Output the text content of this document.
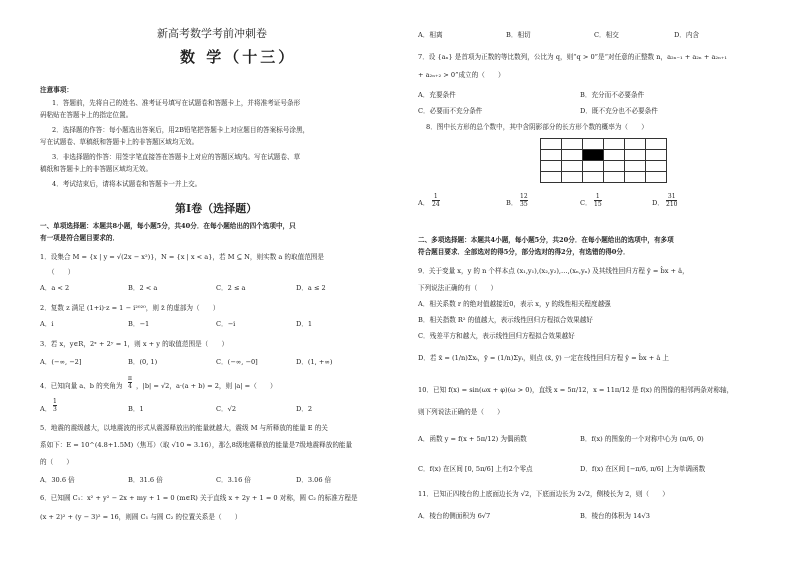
新高考数学考前冲刺卷
数 学（十三）
注意事项：
1．答题前，先将自己的姓名、准考证号填写在试题卷和答题卡上，并将准考证号条形
码粘贴在答题卡上的指定位置。
2．选择题的作答：每小题选出答案后，用2B铅笔把答题卡上对应题目的答案标号涂黑，
写在试题卷、草稿纸和答题卡上的非答题区域均无效。
3．非选择题的作答：用签字笔直接答在答题卡上对应的答题区域内。写在试题卷、草
稿纸和答题卡上的非答题区域均无效。
4．考试结束后，请将本试题卷和答题卡一并上交。
第Ⅰ卷（选择题）
一、单项选择题：本题共8小题，每小题5分，共40分．在每小题给出的四个选项中，只
有一项是符合题目要求的．
1．设集合 M = {x | y = √(2x − x²)}，N = {x | x < a}，若 M ⊆ N，则实数 a 的取值范围是
（　　）
A．a < 2	B．2 < a	C．2 ≤ a	D．a ≤ 2
2．复数 z 满足 (1+i)·z = 1 − i²⁰²⁰，则 z̄ 的虚部为（　　）
A．i	B．−1	C．−i	D．1
3．若 x，y∈R，2ˣ + 2ʸ = 1，则 x + y 的取值范围是（　　）
A．(−∞, −2]	B．(0, 1)	C．(−∞, −0]	D．(1, +∞)
4．已知向量 a、b 的夹角为
π
4 ，|b| = √2，a·(a + b) = 2，则 |a| =（　　）
A．
1
3	B．1	C．√2	D．2
5．地震的震级越大，以地震波的形式从震源释放出的能量就越大，震级 M 与所释放的能量 E 的关
系如下：E = 10^(4.8+1.5M)（焦耳）（取 √10 ≈ 3.16），那么8级地震释放的能量是7级地震释放的能量
的（　　）
A．30.6 倍	B．31.6 倍	C．3.16 倍	D．3.06 倍
6．已知圆 C₁：x² + y² − 2x + my + 1 = 0 (m∈R) 关于直线 x + 2y + 1 = 0 对称，圆 C₂ 的标准方程是
(x + 2)² + (y − 3)² = 16，则圆 C₁ 与圆 C₂ 的位置关系是（　　）
A．相离	B．相切	C．相交	D．内含
7．设 {aₙ} 是首项为正数的等比数列，公比为 q，则“q > 0”是“对任意的正整数 n，a₂ₙ₋₁ + a₂ₙ + a₂ₙ₊₁
+ a₂ₙ₊₂ > 0”成立的（　　）
A．充要条件	B．充分而不必要条件
C．必要而不充分条件	D．既不充分也不必要条件
8．图中长方形的总个数中，其中含阴影部分的长方形个数的概率为（　　）

A．
1
24	B．
12
35	C．
1
15	D．
31
210
二、多项选择题：本题共4小题，每小题5分，共20分．在每小题给出的选项中，有多项
符合题目要求．全部选对的得5分，部分选对的得2分，有选错的得0分．
9．关于变量 x，y 的 n 个样本点 (x₁,y₁),(x₂,y₂),…,(xₙ,yₙ) 及其线性回归方程 ŷ = b̂x + â，
下列说法正确的有（　　）
A．相关系数 r 的绝对值越接近0，表示 x，y 的线性相关程度越强
B．相关指数 R² 的值越大，表示线性回归方程拟合效果越好
C．残差平方和越大，表示线性回归方程拟合效果越好
D．若 x̄ = (1/n)Σxᵢ，ȳ = (1/n)Σyᵢ，则点 (x̄, ȳ) 一定在线性回归方程 ŷ = b̂x + â 上
10．已知 f(x) = sin(ωx + φ)(ω > 0)，直线 x = 5π/12，x = 11π/12 是 f(x) 的图像的相邻两条对称轴，
则下列说法正确的是（　　）
A．函数 y = f(x + 5π/12) 为偶函数	B．f(x) 的图象的一个对称中心为 (π/6, 0)
C．f(x) 在区间 [0, 5π/6] 上有2个零点	D．f(x) 在区间 [−π/6, π/6] 上为单调函数
11．已知正四棱台的上底面边长为 √2，下底面边长为 2√2，侧棱长为 2，则（　　）
A．棱台的侧面积为 6√7	B．棱台的体积为 14√3
